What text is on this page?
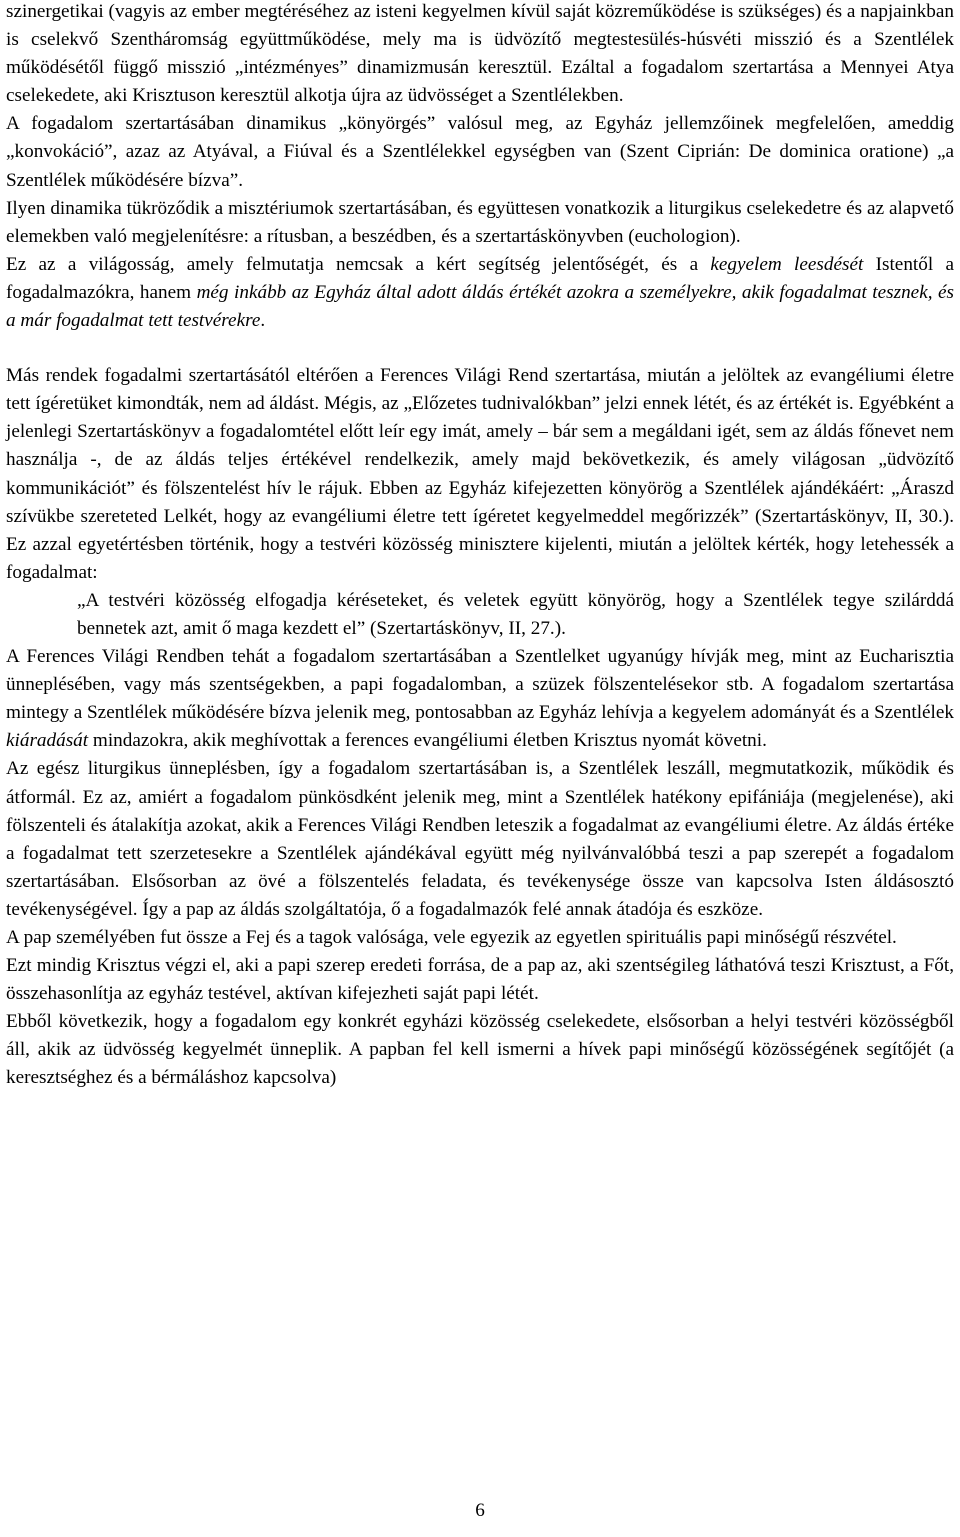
szinergetikai (vagyis az ember megtéréséhez az isteni kegyelmen kívül saját közreműködése is szükséges) és a napjainkban is cselekvő Szentháromság együttműködése, mely ma is üdvözítő megtestesülés-húsvéti misszió és a Szentlélek működésétől függő misszió „intézményes” dinamizmusán keresztül. Ezáltal a fogadalom szertartása a Mennyei Atya cselekedete, aki Krisztuson keresztül alkotja újra az üdvösséget a Szentlélekben.

A fogadalom szertartásában dinamikus „könyörgés” valósul meg, az Egyház jellemzőinek megfelelően, ameddig „konvokáció”, azaz az Atyával, a Fiúval és a Szentlélekkel egységben van (Szent Ciprián: De dominica oratione) „a Szentlélek működésére bízva”.

Ilyen dinamika tükröződik a misztériumok szertartásában, és együttesen vonatkozik a liturgikus cselekedetre és az alapvető elemekben való megjelenítésre: a rítusban, a beszédben, és a szertartáskönyvben (euchologion).

Ez az a világosság, amely felmutatja nemcsak a kért segítség jelentőségét, és a kegyelem leesdését Istentől a fogadalmazókra, hanem még inkább az Egyház által adott áldás értékét azokra a személyekre, akik fogadalmat tesznek, és a már fogadalmat tett testvérekre.

Más rendek fogadalmi szertartásától eltérően a Ferences Világi Rend szertartása, miután a jelöltek az evangéliumi életre tett ígéretüket kimondták, nem ad áldást. Mégis, az „Előzetes tudnivalókban” jelzi ennek létét, és az értékét is. Egyébként a jelenlegi Szertartáskönyv a fogadalomtétel előtt leír egy imát, amely – bár sem a megáldani igét, sem az áldás főnevet nem használja -, de az áldás teljes értékével rendelkezik, amely majd bekövetkezik, és amely világosan „üdvözítő kommunikációt” és fölszentelést hív le rájuk. Ebben az Egyház kifejezetten könyörög a Szentlélek ajándékáért: „Áraszd szívükbe szereteted Lelkét, hogy az evangéliumi életre tett ígéretet kegyelmeddel megőrizzék” (Szertartáskönyv, II, 30.). Ez azzal egyetértésben történik, hogy a testvéri közösség minisztere kijelenti, miután a jelöltek kérték, hogy letehessék a fogadalmat:

„A testvéri közösség elfogadja kéréseteket, és veletek együtt könyörög, hogy a Szentlélek tegye szilárddá bennetek azt, amit ő maga kezdett el” (Szertartáskönyv, II, 27.).

A Ferences Világi Rendben tehát a fogadalom szertartásában a Szentlelket ugyanúgy hívják meg, mint az Eucharisztia ünneplésében, vagy más szentségekben, a papi fogadalomban, a szüzek fölszentelésekor stb. A fogadalom szertartása mintegy a Szentlélek működésére bízva jelenik meg, pontosabban az Egyház lehívja a kegyelem adományát és a Szentlélek kiáradását mindazokra, akik meghívottak a ferences evangéliumi életben Krisztus nyomát követni.

Az egész liturgikus ünneplésben, így a fogadalom szertartásában is, a Szentlélek leszáll, megmutatkozik, működik és átformál. Ez az, amiért a fogadalom pünkösdként jelenik meg, mint a Szentlélek hatékony epifániája (megjelenése), aki fölszenteli és átalakítja azokat, akik a Ferences Világi Rendben leteszik a fogadalmat az evangéliumi életre. Az áldás értéke a fogadalmat tett szerzetesekre a Szentlélek ajándékával együtt még nyilvánvalóbbá teszi a pap szerepét a fogadalom szertartásában. Elsősorban az övé a fölszentelés feladata, és tevékenysége össze van kapcsolva Isten áldásosztó tevékenységével. Így a pap az áldás szolgáltatója, ő a fogadalmazók felé annak átadója és eszköze.

A pap személyében fut össze a Fej és a tagok valósága, vele egyezik az egyetlen spirituális papi minőségű részvétel.

Ezt mindig Krisztus végzi el, aki a papi szerep eredeti forrása, de a pap az, aki szentségileg láthatóvá teszi Krisztust, a Főt, összehasonlítja az egyház testével, aktívan kifejezheti saját papi létét.

Ebből következik, hogy a fogadalom egy konkrét egyházi közösség cselekedete, elsősorban a helyi testvéri közösségből áll, akik az üdvösség kegyelmét ünneplik. A papban fel kell ismerni a hívek papi minőségű közösségének segítőjét (a keresztséghez és a bérmáláshoz kapcsolva)

6
